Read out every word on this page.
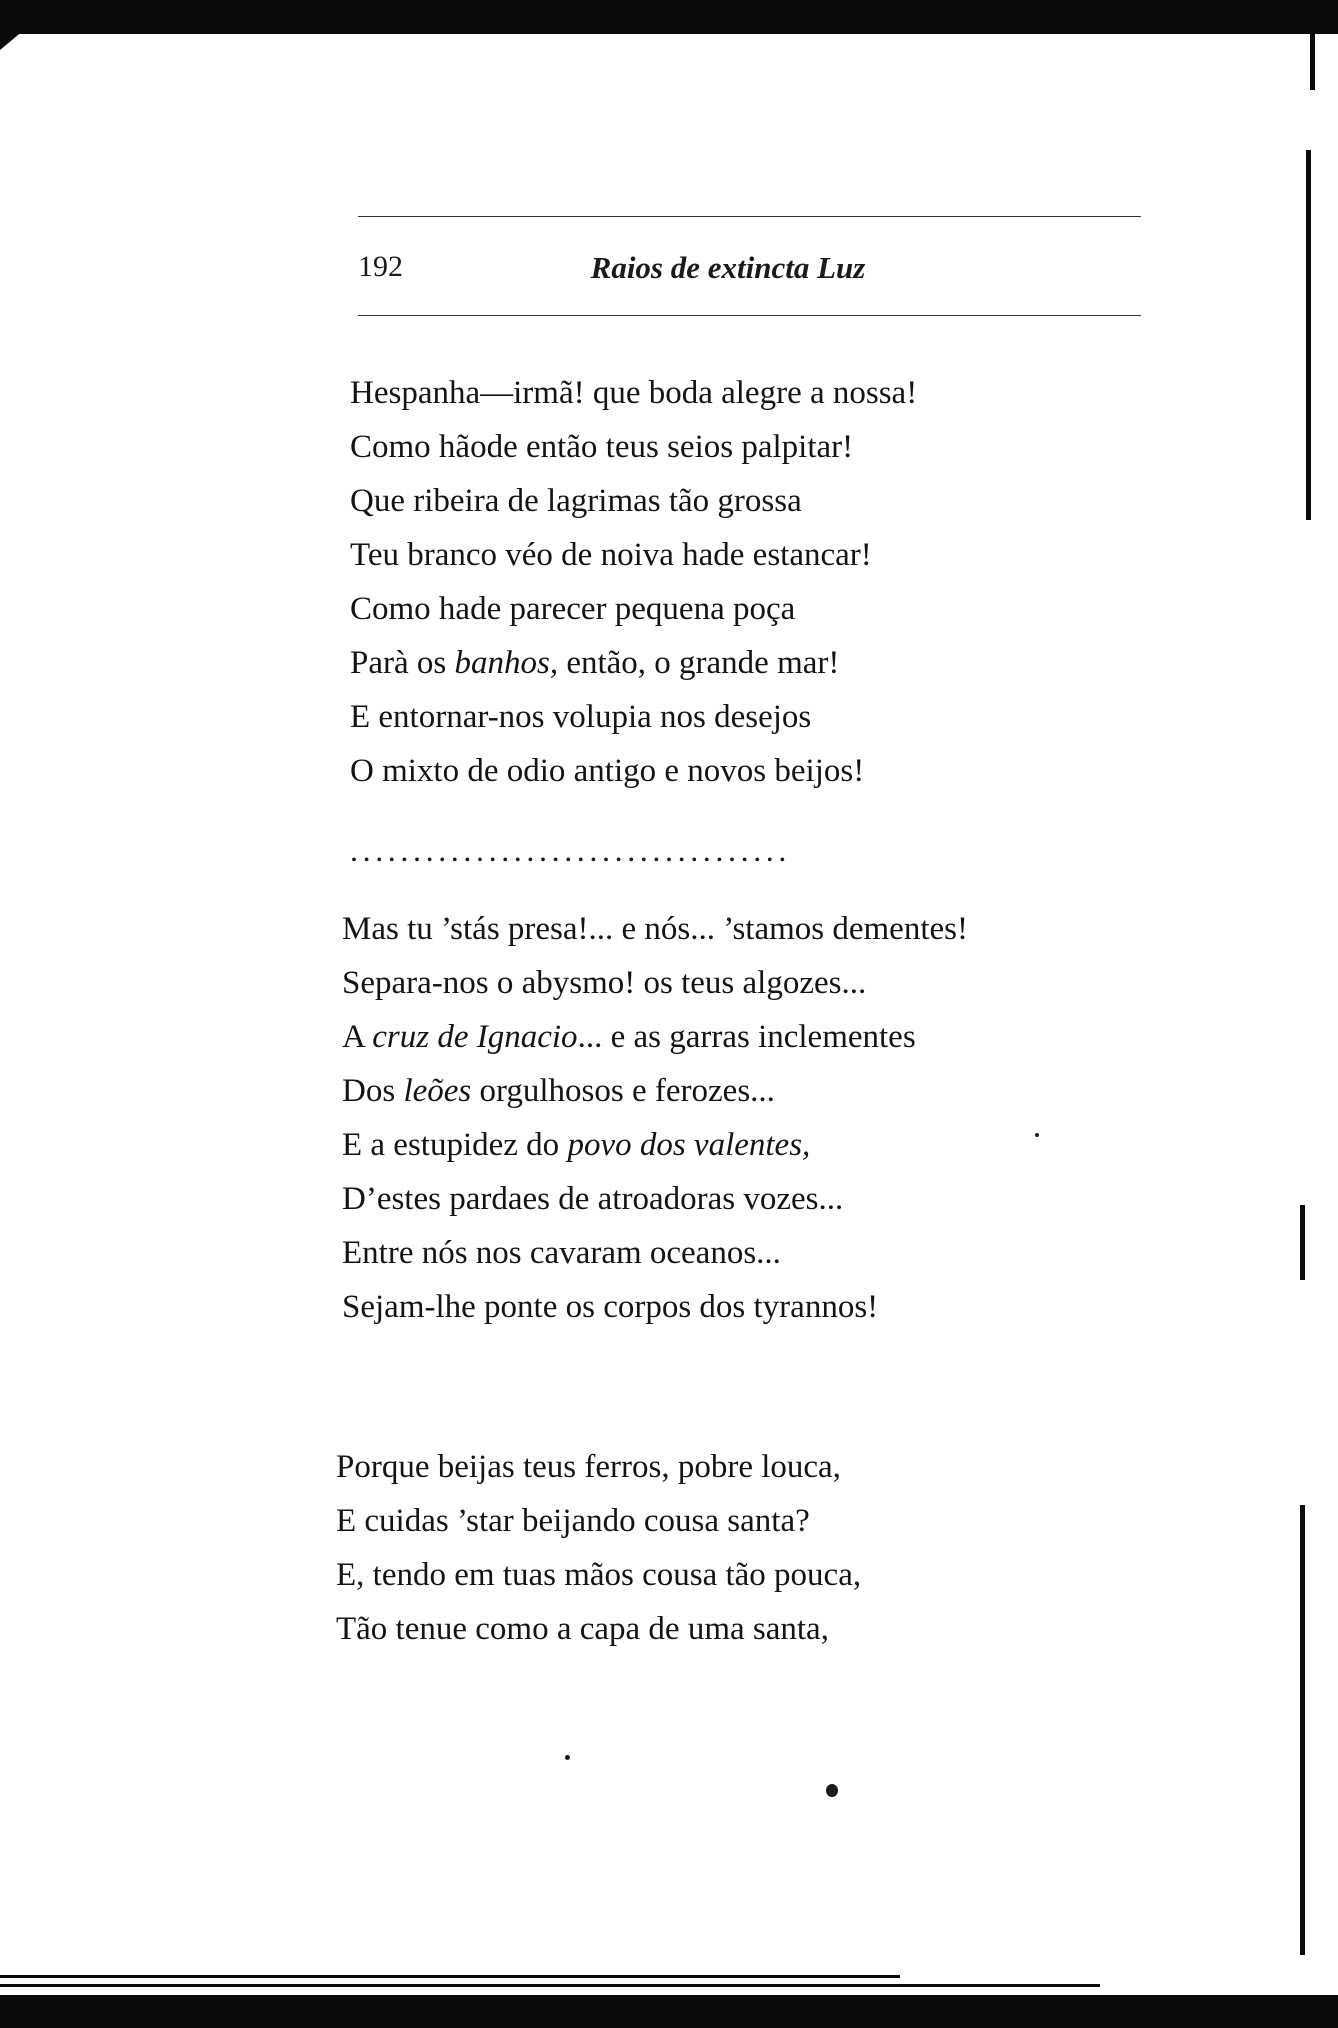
192	Raios de extincta Luz
Hespanha—irmã! que boda alegre a nossa!
Como hãode então teus seios palpitar!
Que ribeira de lagrimas tão grossa
Teu branco véo de noiva hade estancar!
Como hade parecer pequena poça
Parà os banhos, então, o grande mar!
E entornar-nos volupia nos desejos
O mixto de odio antigo e novos beijos!
...................................
Mas tu ’stás presa!... e nós... ’stamos dementes!
Separa-nos o abysmo! os teus algozes...
A cruz de Ignacio... e as garras inclementes
Dos leões orgulhosos e ferozes...
E a estupidez do povo dos valentes,
D’estes pardaes de atroadoras vozes...
Entre nós nos cavaram oceanos...
Sejam-lhe ponte os corpos dos tyrannos!
Porque beijas teus ferros, pobre louca,
E cuidas ’star beijando cousa santa?
E, tendo em tuas mãos cousa tão pouca,
Tão tenue como a capa de uma santa,
